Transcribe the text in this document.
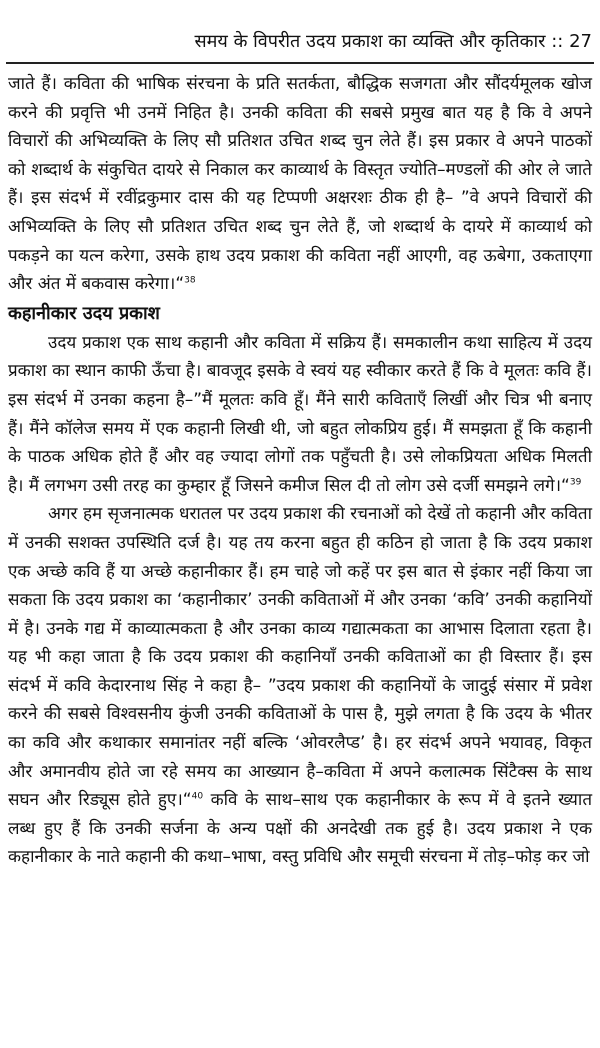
समय के विपरीत उदय प्रकाश का व्यक्ति और कृतिकार :: 27

जाते हैं। कविता की भाषिक संरचना के प्रति सतर्कता, बौद्धिक सजगता और सौंदर्यमूलक खोज करने की प्रवृत्ति भी उनमें निहित है। उनकी कविता की सबसे प्रमुख बात यह है कि वे अपने विचारों की अभिव्यक्ति के लिए सौ प्रतिशत उचित शब्द चुन लेते हैं। इस प्रकार वे अपने पाठकों को शब्दार्थ के संकुचित दायरे से निकाल कर काव्यार्थ के विस्तृत ज्योति–मण्डलों की ओर ले जाते हैं। इस संदर्भ में रवींद्रकुमार दास की यह टिप्पणी अक्षरशः ठीक ही है– ”वे अपने विचारों की अभिव्यक्ति के लिए सौ प्रतिशत उचित शब्द चुन लेते हैं, जो शब्दार्थ के दायरे में काव्यार्थ को पकड़ने का यत्न करेगा, उसके हाथ उदय प्रकाश की कविता नहीं आएगी, वह ऊबेगा, उकताएगा और अंत में बकवास करेगा।“$^{38}$

कहानीकार उदय प्रकाश

उदय प्रकाश एक साथ कहानी और कविता में सक्रिय हैं। समकालीन कथा साहित्य में उदय प्रकाश का स्थान काफी ऊँचा है। बावजूद इसके वे स्वयं यह स्वीकार करते हैं कि वे मूलतः कवि हैं। इस संदर्भ में उनका कहना है–”मैं मूलतः कवि हूँ। मैंने सारी कविताएँ लिखीं और चित्र भी बनाए हैं। मैंने कॉलेज समय में एक कहानी लिखी थी, जो बहुत लोकप्रिय हुई। मैं समझता हूँ कि कहानी के पाठक अधिक होते हैं और वह ज्यादा लोगों तक पहुँचती है। उसे लोकप्रियता अधिक मिलती है। मैं लगभग उसी तरह का कुम्हार हूँ जिसने कमीज सिल दी तो लोग उसे दर्जी समझने लगे।“$^{39}$

अगर हम सृजनात्मक धरातल पर उदय प्रकाश की रचनाओं को देखें तो कहानी और कविता में उनकी सशक्त उपस्थिति दर्ज है। यह तय करना बहुत ही कठिन हो जाता है कि उदय प्रकाश एक अच्छे कवि हैं या अच्छे कहानीकार हैं। हम चाहे जो कहें पर इस बात से इंकार नहीं किया जा सकता कि उदय प्रकाश का ‘कहानीकार’ उनकी कविताओं में और उनका ‘कवि’ उनकी कहानियों में है। उनके गद्य में काव्यात्मकता है और उनका काव्य गद्यात्मकता का आभास दिलाता रहता है। यह भी कहा जाता है कि उदय प्रकाश की कहानियाँ उनकी कविताओं का ही विस्तार हैं। इस संदर्भ में कवि केदारनाथ सिंह ने कहा है– ”उदय प्रकाश की कहानियों के जादुई संसार में प्रवेश करने की सबसे विश्वसनीय कुंजी उनकी कविताओं के पास है, मुझे लगता है कि उदय के भीतर का कवि और कथाकार समानांतर नहीं बल्कि ‘ओवरलैप्ड’ है। हर संदर्भ अपने भयावह, विकृत और अमानवीय होते जा रहे समय का आख्यान है–कविता में अपने कलात्मक सिंटैक्स के साथ सघन और रिड्यूस होते हुए।“$^{40}$ कवि के साथ–साथ एक कहानीकार के रूप में वे इतने ख्यात लब्ध हुए हैं कि उनकी सर्जना के अन्य पक्षों की अनदेखी तक हुई है। उदय प्रकाश ने एक कहानीकार के नाते कहानी की कथा–भाषा, वस्तु प्रविधि और समूची संरचना में तोड़–फोड़ कर जो
